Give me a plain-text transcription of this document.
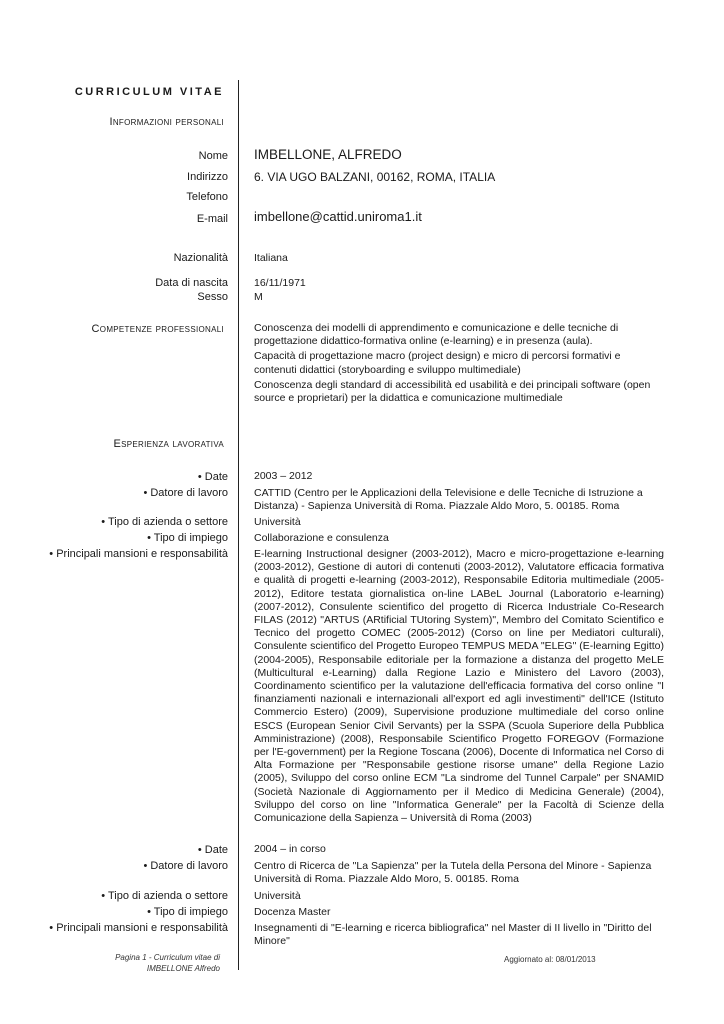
CURRICULUM VITAE
Informazioni personali
Nome IMBELLONE, ALFREDO
Indirizzo 6. VIA UGO BALZANI, 00162, ROMA, ITALIA
Telefono
E-mail imbellone@cattid.uniroma1.it
Nazionalità Italiana
Data di nascita 16/11/1971
Sesso M
Competenze professionali	Conoscenza dei modelli di apprendimento e comunicazione e delle tecniche di progettazione didattico-formativa online (e-learning) e in presenza (aula).

Capacità di progettazione macro (project design) e micro di percorsi formativi e contenuti didattici (storyboarding e sviluppo multimediale)

Conoscenza degli standard di accessibilità ed usabilità e dei principali software (open source e proprietari) per la didattica e comunicazione multimediale

Esperienza lavorativa
• Date 2003 – 2012
• Datore di lavoro CATTID (Centro per le Applicazioni della Televisione e delle Tecniche di Istruzione a Distanza) - Sapienza Università di Roma. Piazzale Aldo Moro, 5. 00185. Roma
• Tipo di azienda o settore Università
• Tipo di impiego Collaborazione e consulenza
• Principali mansioni e responsabilità E-learning Instructional designer (2003-2012), Macro e micro-progettazione e-learning (2003-2012), Gestione di autori di contenuti (2003-2012), Valutatore efficacia formativa e qualità di progetti e-learning (2003-2012), Responsabile Editoria multimediale (2005-2012), Editore testata giornalistica on-line LABeL Journal (Laboratorio e-learning) (2007-2012), Consulente scientifico del progetto di Ricerca Industriale Co-Research FILAS (2012) "ARTUS (ARtificial TUtoring System)", Membro del Comitato Scientifico e Tecnico del progetto COMEC (2005-2012) (Corso on line per Mediatori culturali), Consulente scientifico del Progetto Europeo TEMPUS MEDA "ELEG" (E-learning Egitto) (2004-2005), Responsabile editoriale per la formazione a distanza del progetto MeLE (Multicultural e-Learning) dalla Regione Lazio e Ministero del Lavoro (2003), Coordinamento scientifico per la valutazione dell'efficacia formativa del corso online "I finanziamenti nazionali e internazionali all'export ed agli investimenti" dell'ICE (Istituto Commercio Estero) (2009), Supervisione produzione multimediale del corso online ESCS (European Senior Civil Servants) per la SSPA (Scuola Superiore della Pubblica Amministrazione) (2008), Responsabile Scientifico Progetto FOREGOV (Formazione per l'E-government) per la Regione Toscana (2006), Docente di Informatica nel Corso di Alta Formazione per "Responsabile gestione risorse umane" della Regione Lazio (2005), Sviluppo del corso online ECM "La sindrome del Tunnel Carpale" per SNAMID (Società Nazionale di Aggiornamento per il Medico di Medicina Generale) (2004), Sviluppo del corso on line "Informatica Generale" per la Facoltà di Scienze della Comunicazione della Sapienza – Università di Roma (2003)
• Date 2004 – in corso
• Datore di lavoro Centro di Ricerca de "La Sapienza" per la Tutela della Persona del Minore - Sapienza Università di Roma. Piazzale Aldo Moro, 5. 00185. Roma
• Tipo di azienda o settore Università
• Tipo di impiego Docenza Master
• Principali mansioni e responsabilità Insegnamenti di "E-learning e ricerca bibliografica" nel Master di II livello in "Diritto del Minore"
Pagina 1 - Curriculum vitae di
IMBELLONE Alfredo
Aggiornato al: 08/01/2013
